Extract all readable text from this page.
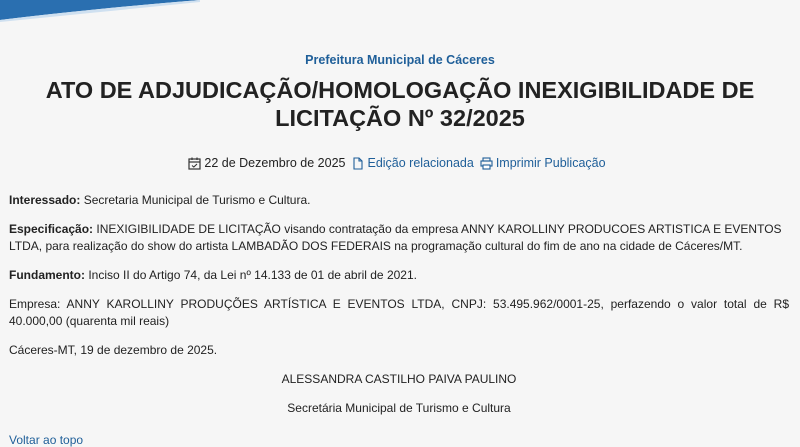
Prefeitura Municipal de Cáceres
ATO DE ADJUDICAÇÃO/HOMOLOGAÇÃO INEXIGIBILIDADE DE LICITAÇÃO Nº 32/2025
22 de Dezembro de 2025 Edição relacionada Imprimir Publicação

Interessado: Secretaria Municipal de Turismo e Cultura.

Especificação: INEXIGIBILIDADE DE LICITAÇÃO visando contratação da empresa ANNY KAROLLINY PRODUCOES ARTISTICA E EVENTOS LTDA, para realização do show do artista LAMBADÃO DOS FEDERAIS na programação cultural do fim de ano na cidade de Cáceres/MT.

Fundamento: Inciso II do Artigo 74, da Lei nº 14.133 de 01 de abril de 2021.

Empresa: ANNY KAROLLINY PRODUÇÕES ARTÍSTICA E EVENTOS LTDA, CNPJ: 53.495.962/0001-25, perfazendo o valor total de R$ 40.000,00 (quarenta mil reais)

Cáceres-MT, 19 de dezembro de 2025.

ALESSANDRA CASTILHO PAIVA PAULINO

Secretária Municipal de Turismo e Cultura

Voltar ao topo
